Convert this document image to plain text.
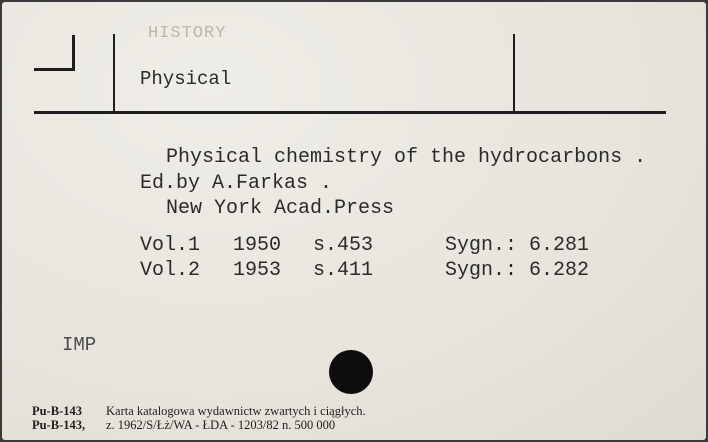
HISTORY
Physical
Physical chemistry of the hydrocarbons .
Ed.by A.Farkas .
New York Acad.Press
Vol.1 1950 s.453	Sygn.: 6.281
Vol.2 1953 s.411	Sygn.: 6.282
IMP
Pu-B-143 Karta katalogowa wydawnictw zwartych i ciągłych.
Pu-B-143, z. 1962/S/Łż/WA - ŁDA - 1203/82 n. 500 000
